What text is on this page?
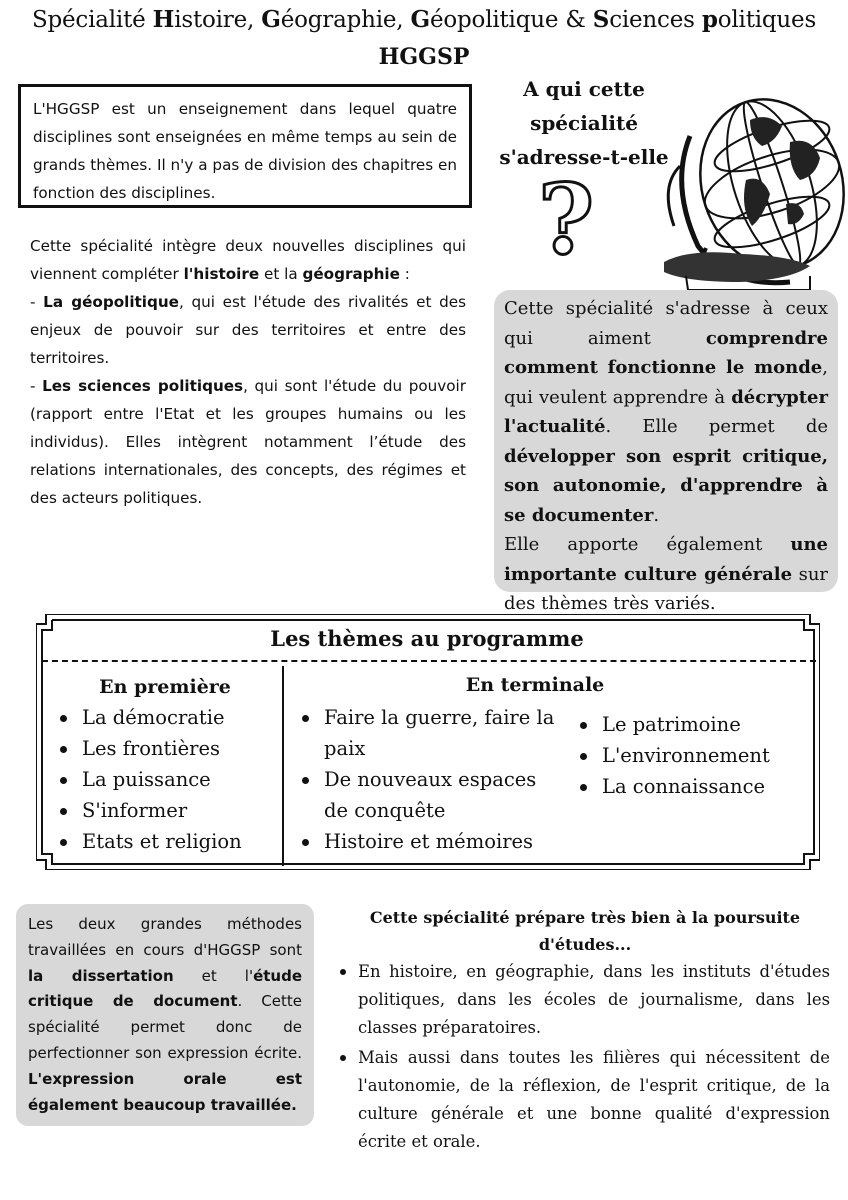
Spécialité Histoire, Géographie, Géopolitique & Sciences politiques
HGGSP
L'HGGSP est un enseignement dans lequel quatre disciplines sont enseignées en même temps au sein de grands thèmes. Il n'y a pas de division des chapitres en fonction des disciplines.
Cette spécialité intègre deux nouvelles disciplines qui viennent compléter l'histoire et la géographie :
- La géopolitique, qui est l'étude des rivalités et des enjeux de pouvoir sur des territoires et entre des territoires.
- Les sciences politiques, qui sont l'étude du pouvoir (rapport entre l'Etat et les groupes humains ou les individus). Elles intègrent notamment l’étude des relations internationales, des concepts, des régimes et des acteurs politiques.
A qui cette spécialité s'adresse-t-elle
?
Cette spécialité s'adresse à ceux qui aiment comprendre comment fonctionne le monde, qui veulent apprendre à décrypter l'actualité. Elle permet de développer son esprit critique, son autonomie, d'apprendre à se documenter.
Elle apporte également une importante culture générale sur des thèmes très variés.
Les thèmes au programme
En première	En terminale
La démocratie
Les frontières
La puissance
S'informer
Etats et religion
Faire la guerre, faire la paix
De nouveaux espaces de conquête
Histoire et mémoires
Le patrimoine
L'environnement
La connaissance
Les deux grandes méthodes travaillées en cours d'HGGSP sont la dissertation et l'étude critique de document. Cette spécialité permet donc de perfectionner son expression écrite. L'expression orale est également beaucoup travaillée.
Cette spécialité prépare très bien à la poursuite d'études...
En histoire, en géographie, dans les instituts d'études politiques, dans les écoles de journalisme, dans les classes préparatoires.
Mais aussi dans toutes les filières qui nécessitent de l'autonomie, de la réflexion, de l'esprit critique, de la culture générale et une bonne qualité d'expression écrite et orale.
